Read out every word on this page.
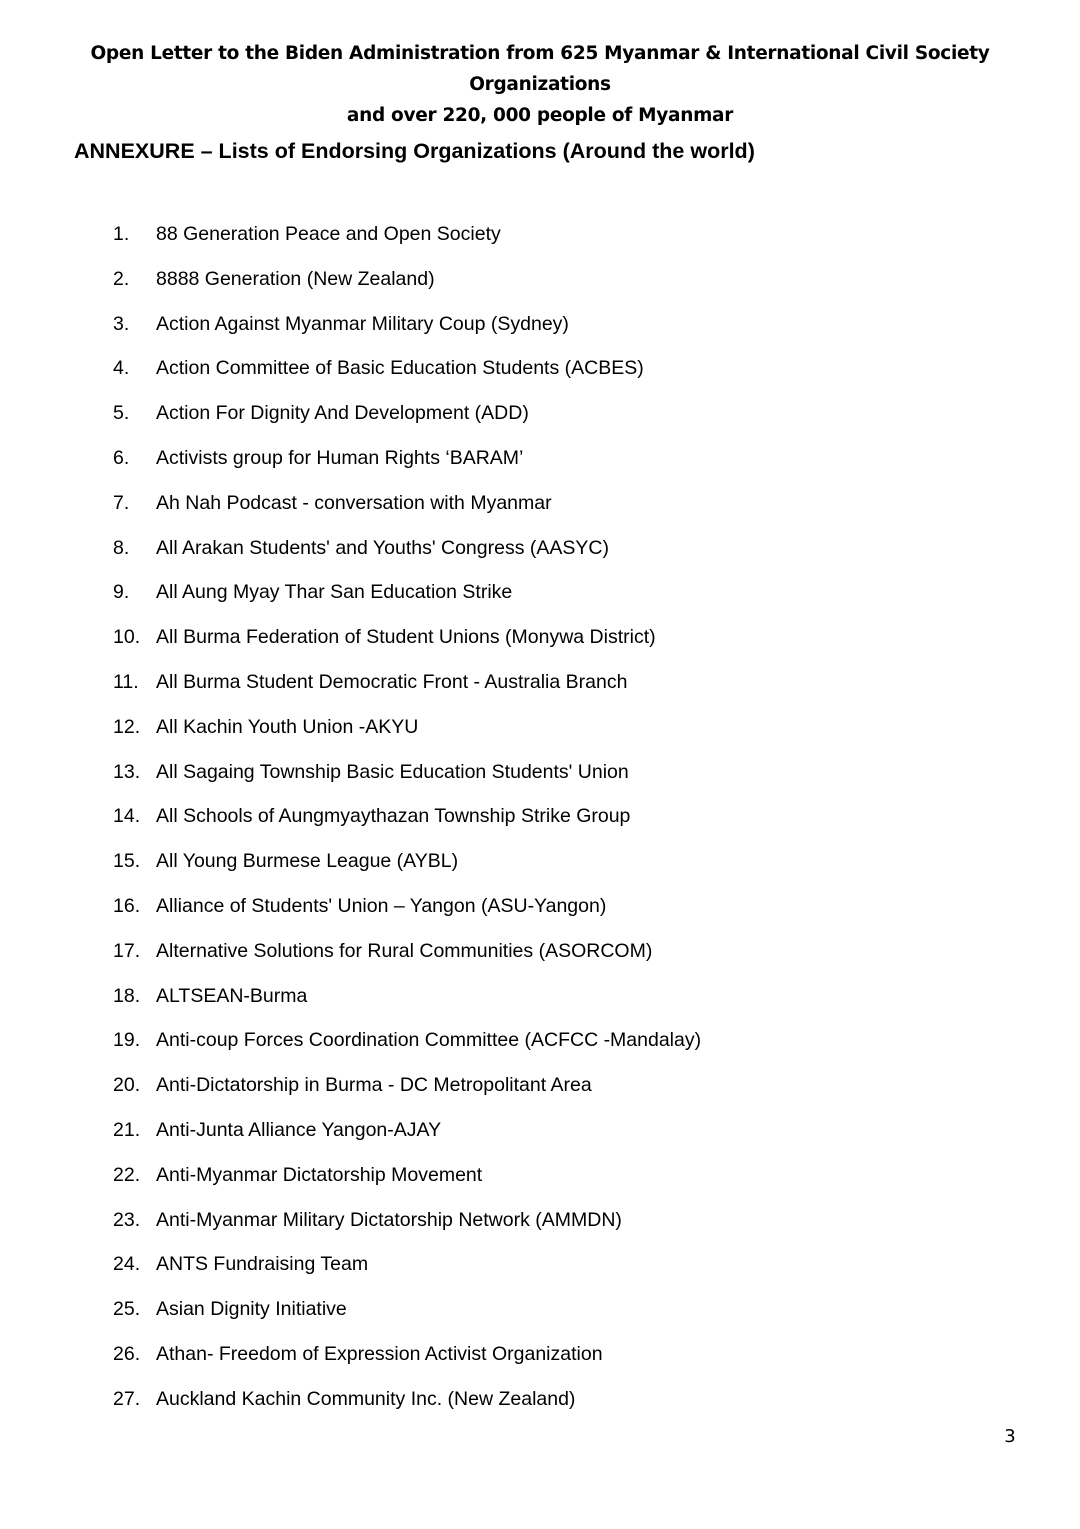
Open Letter to the Biden Administration from 625 Myanmar & International Civil Society Organizations
and over 220, 000 people of Myanmar
ANNEXURE – Lists of Endorsing Organizations (Around the world)
1. 88 Generation Peace and Open Society
2. 8888 Generation (New Zealand)
3. Action Against Myanmar Military Coup (Sydney)
4. Action Committee of Basic Education Students (ACBES)
5. Action For Dignity And Development (ADD)
6. Activists group for Human Rights ‘BARAM’
7. Ah Nah Podcast - conversation with Myanmar
8. All Arakan Students' and Youths' Congress (AASYC)
9. All Aung Myay Thar San Education Strike
10. All Burma Federation of Student Unions (Monywa District)
11. All Burma Student Democratic Front - Australia Branch
12. All Kachin Youth Union -AKYU
13. All Sagaing Township Basic Education Students' Union
14. All Schools of Aungmyaythazan Township Strike Group
15. All Young Burmese League (AYBL)
16. Alliance of Students' Union – Yangon (ASU-Yangon)
17. Alternative Solutions for Rural Communities (ASORCOM)
18. ALTSEAN-Burma
19. Anti-coup Forces Coordination Committee (ACFCC -Mandalay)
20. Anti-Dictatorship in Burma - DC Metropolitant Area
21. Anti-Junta Alliance Yangon-AJAY
22. Anti-Myanmar Dictatorship Movement
23. Anti-Myanmar Military Dictatorship Network (AMMDN)
24. ANTS Fundraising Team
25. Asian Dignity Initiative
26. Athan- Freedom of Expression Activist Organization
27. Auckland Kachin Community Inc. (New Zealand)
3
